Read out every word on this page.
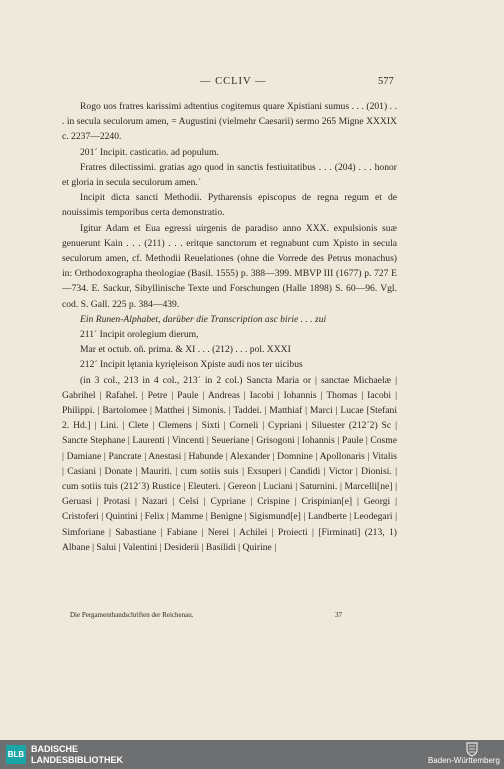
— CCLIV —	577

Rogo uos fratres karissimi adtentius cogitemus quare Xpistiani sumus . . . (201) . . . in secula seculorum amen, = Augustini (vielmehr Caesarii) sermo 265 Migne XXXIX c. 2237—2240.

201´ Incipit. casticatio. ad populum.

Fratres dilectissimi. gratias ago quod in sanctis festiuitatibus . . . (204) . . . honor et gloria in secula seculorum amen.´

Incipit dicta sancti Methodii. Pytharensis episcopus de regna regum et de nouissimis temporibus certa demonstratio.

Igitur Adam et Eua egressi uirgenis de paradiso anno XXX. expulsionis suæ genuerunt Kain . . . (211) . . . eritque sanctorum et regnabunt cum Xpisto in secula seculorum amen, cf. Methodii Reuelationes (ohne die Vorrede des Petrus monachus) in: Orthodoxographa theologiae (Basil. 1555) p. 388—399. MBVP III (1677) p. 727 E—734. E. Sackur, Sibyllinische Texte und Forschungen (Halle 1898) S. 60—96. Vgl. cod. S. Gall. 225 p. 384—439.

Ein Runen-Alphabet, darüber die Transcription asc birie . . . zui

211´ Incipit orolegium dierum,

Mar et octub. oñ. prima. & XI . . . (212) . . . pol. XXXI

212´ Incipit lętania kyrięleison Xpiste audi nos ter uicibus

(in 3 col., 213 in 4 col., 213´ in 2 col.) Sancta Maria or | sanctae Michaelæ | Gabrihel | Rafahel. | Petre | Paule | Andreas | Iacobi | Iohannis | Thomas | Iacobi | Philippi. | Bartolomee | Matthei | Simonis. | Taddei. | Matthiaf | Marci | Lucae [Stefani 2. Hd.] | Lini. | Clete | Clemens | Sixti | Corneli | Cypriani | Siluester (212´2) Sc | Sancte Stephane | Laurenti | Vincenti | Seueriane | Grisogoni | Iohannis | Paule | Cosme | Damiane | Pancrate | Anestasi | Habunde | Alexander | Domnine | Apollonaris | Vitalis | Casiani | Donate | Mauriti. | cum sotiis suis | Exsuperi | Candidi | Victor | Dionisi. | cum sotiis tuis (212´3) Rustice | Eleuteri. | Gereon | Luciani | Saturnini. | Marcelli[ne] | Geruasi | Protasi | Nazari | Celsi | Cypriane | Crispine | Crispinian[e] | Georgi | Cristoferi | Quintini | Felix | Mamme | Benigne | Sigismund[e] | Landberte | Leodegari | Simforiane | Sabastiane | Fabiane | Nerei | Achilei | Proiecti | [Firminati] (213, 1) Albane | Salui | Valentini | Desiderii | Basilidi | Quirine |

Die Pergamenthandschriften der Reichenau.	37
BLB
BADISCHE
LANDESBIBLIOTHEK	Baden-Württemberg
